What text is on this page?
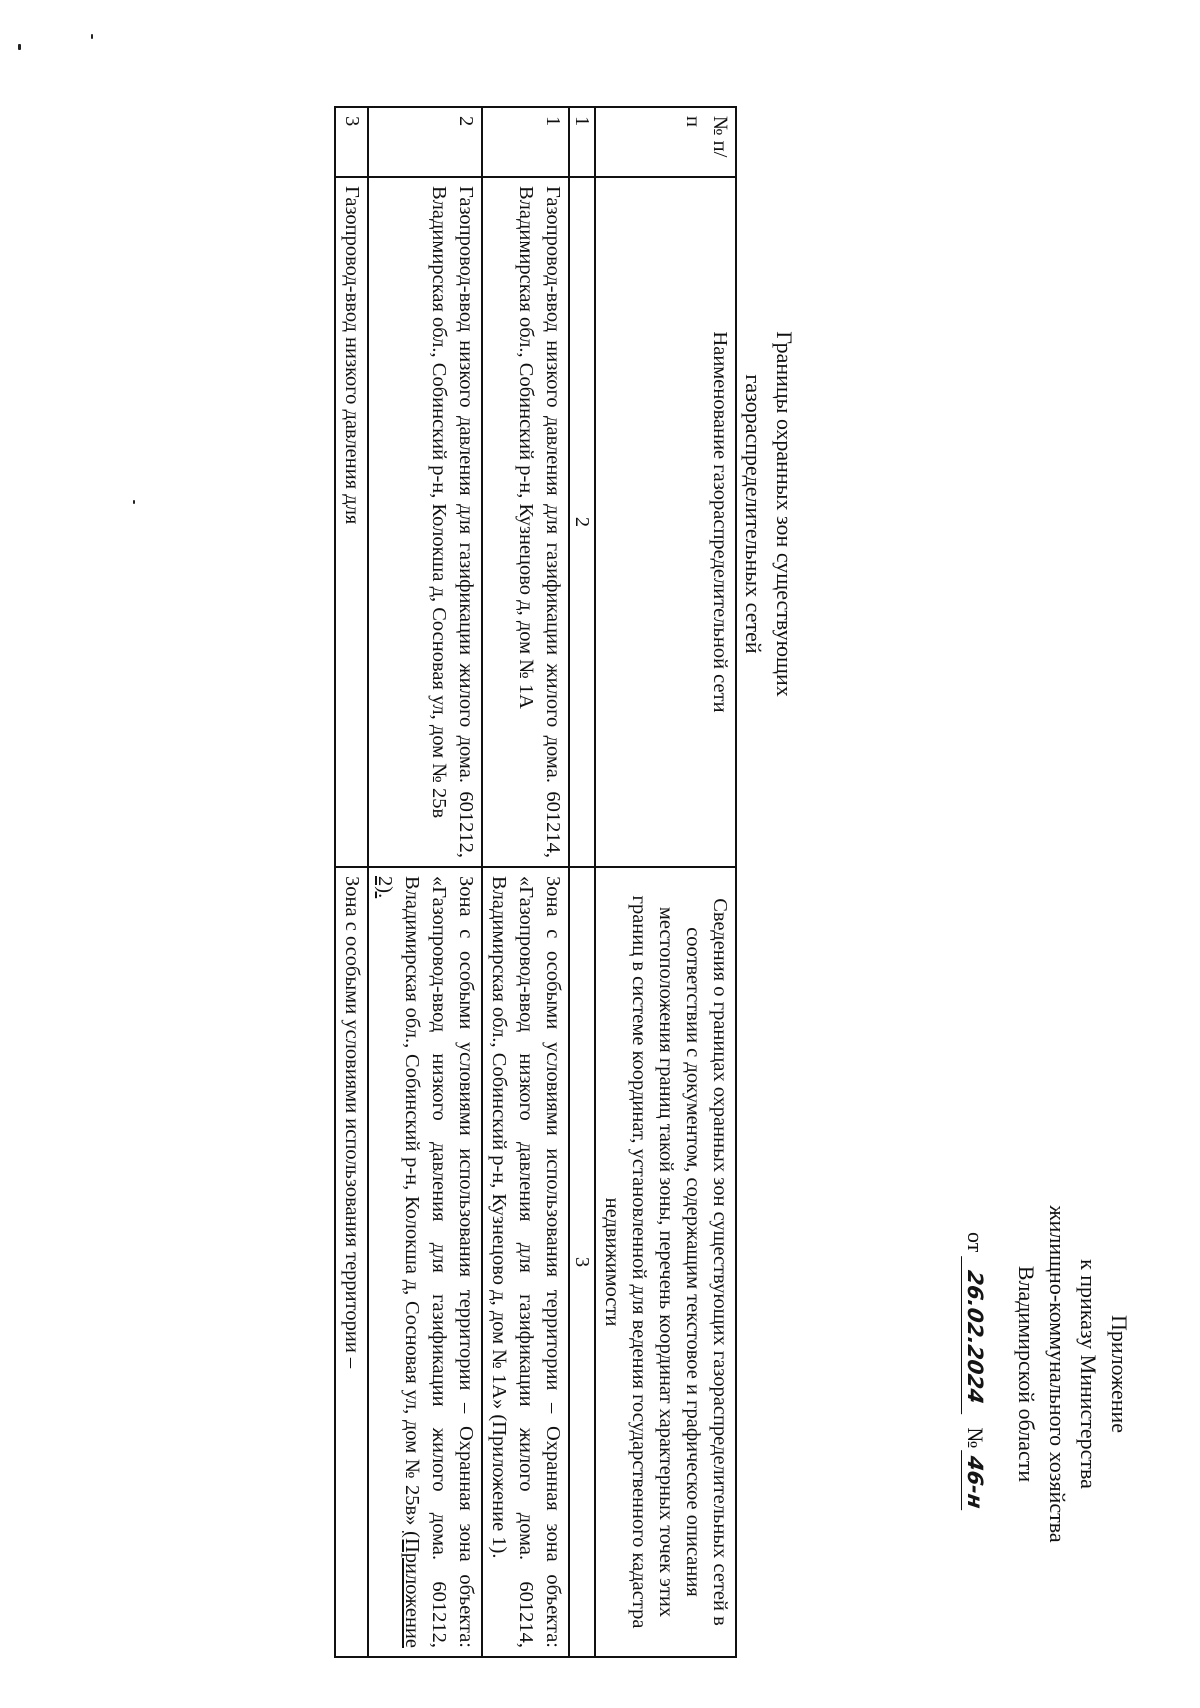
Приложение
к приказу Министерства
жилищно-коммунального хозяйства
Владимирской области
от 26.02.2024 №46-н
Границы охранных зон существующих
газораспределительных сетей
№ п/п	Наименование газораспределительной сети	Сведения о границах охранных зон существующих газораспределительных сетей в соответствии с документом, содержащим текстовое и графическое описания местоположения границ такой зоны, перечень координат характерных точек этих границ в системе координат, установленной для ведения государственного кадастра недвижимости
1	2	3
1	Газопровод-ввод низкого давления для газификации жилого дома. 601214, Владимирская обл., Собинский р-н, Кузнецово д, дом № 1А	Зона с особыми условиями использования территории – Охранная зона объекта: «Газопровод-ввод низкого давления для газификации жилого дома. 601214, Владимирская обл., Собинский р-н, Кузнецово д, дом № 1А» (Приложение 1).
2	Газопровод-ввод низкого давления для газификации жилого дома. 601212, Владимирская обл., Собинский р-н, Колокша д, Сосновая ул, дом № 25в	Зона с особыми условиями использования территории – Охранная зона объекта: «Газопровод-ввод низкого давления для газификации жилого дома. 601212, Владимирская обл., Собинский р-н, Колокша д, Сосновая ул, дом № 25в» (Приложение 2).
3	Газопровод-ввод низкого давления для	Зона с особыми условиями использования территории –
